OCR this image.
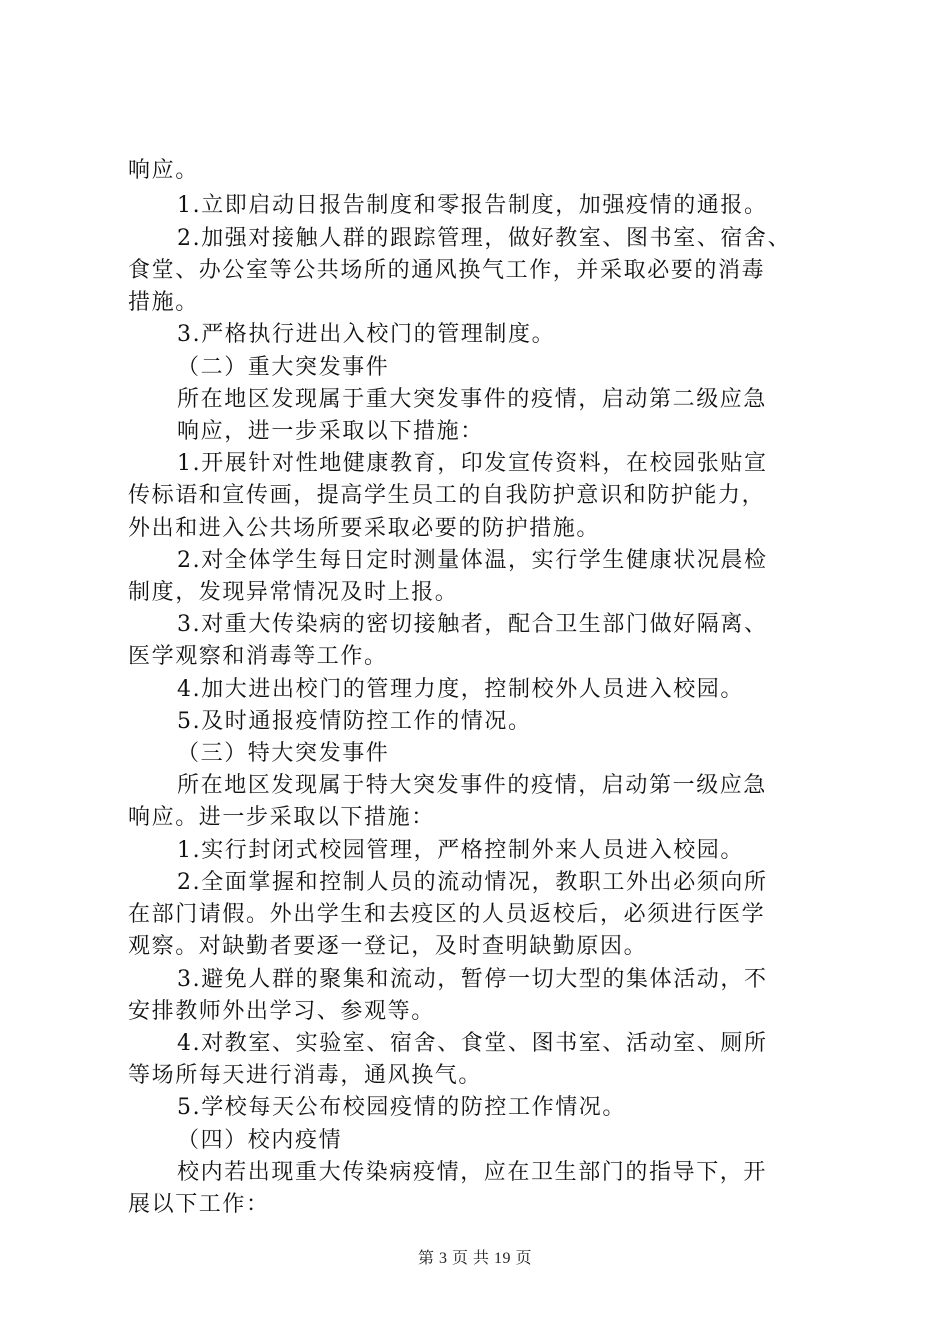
响应。
1.立即启动日报告制度和零报告制度，加强疫情的通报。
2.加强对接触人群的跟踪管理，做好教室、图书室、宿舍、
食堂、办公室等公共场所的通风换气工作，并采取必要的消毒
措施。
3.严格执行进出入校门的管理制度。
（二）重大突发事件
所在地区发现属于重大突发事件的疫情，启动第二级应急
响应，进一步采取以下措施：
1.开展针对性地健康教育，印发宣传资料，在校园张贴宣
传标语和宣传画，提高学生员工的自我防护意识和防护能力，
外出和进入公共场所要采取必要的防护措施。
2.对全体学生每日定时测量体温，实行学生健康状况晨检
制度，发现异常情况及时上报。
3.对重大传染病的密切接触者，配合卫生部门做好隔离、
医学观察和消毒等工作。
4.加大进出校门的管理力度，控制校外人员进入校园。
5.及时通报疫情防控工作的情况。
（三）特大突发事件
所在地区发现属于特大突发事件的疫情，启动第一级应急
响应。进一步采取以下措施：
1.实行封闭式校园管理，严格控制外来人员进入校园。
2.全面掌握和控制人员的流动情况，教职工外出必须向所
在部门请假。外出学生和去疫区的人员返校后，必须进行医学
观察。对缺勤者要逐一登记，及时查明缺勤原因。
3.避免人群的聚集和流动，暂停一切大型的集体活动，不
安排教师外出学习、参观等。
4.对教室、实验室、宿舍、食堂、图书室、活动室、厕所
等场所每天进行消毒，通风换气。
5.学校每天公布校园疫情的防控工作情况。
（四）校内疫情
校内若出现重大传染病疫情，应在卫生部门的指导下，开
展以下工作：
第 3 页 共 19 页
